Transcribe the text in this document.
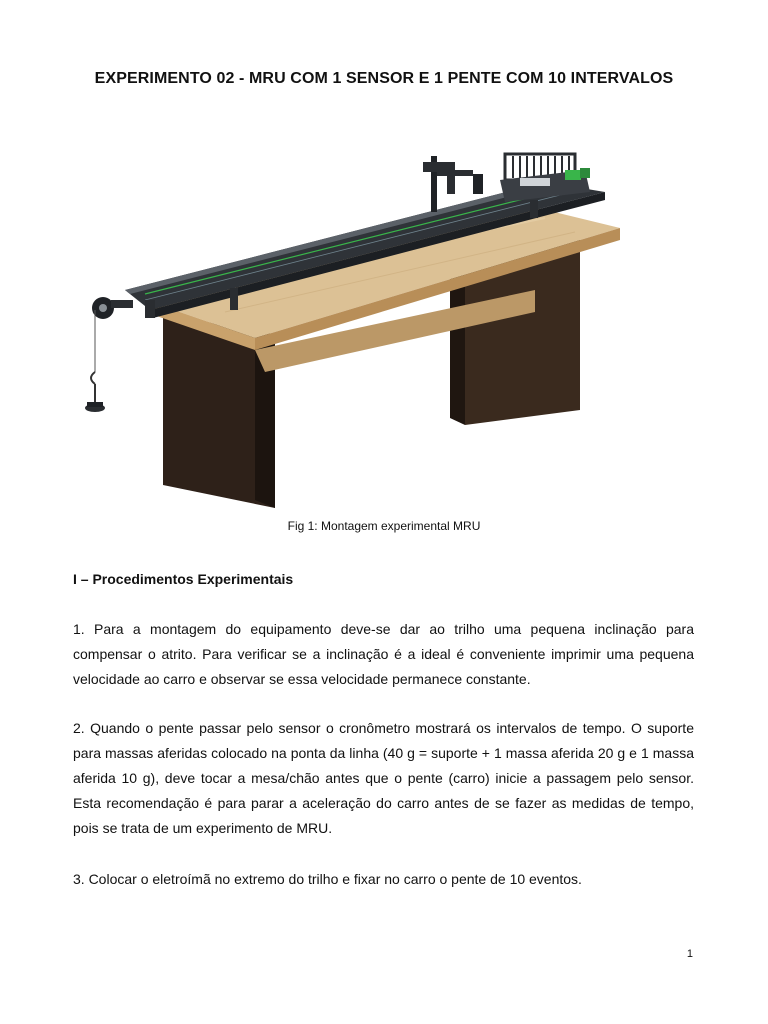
EXPERIMENTO 02 - MRU COM 1 SENSOR E 1 PENTE COM 10 INTERVALOS
Fig 1: Montagem experimental MRU
I – Procedimentos Experimentais

1. Para a montagem do equipamento deve-se dar ao trilho uma pequena inclinação para compensar o atrito. Para verificar se a inclinação é a ideal é conveniente imprimir uma pequena velocidade ao carro e observar se essa velocidade permanece constante.

2. Quando o pente passar pelo sensor o cronômetro mostrará os intervalos de tempo. O suporte para massas aferidas colocado na ponta da linha (40 g = suporte + 1 massa aferida 20 g e 1 massa aferida 10 g), deve tocar a mesa/chão antes que o pente (carro) inicie a passagem pelo sensor. Esta recomendação é para parar a aceleração do carro antes de se fazer as medidas de tempo, pois se trata de um experimento de MRU.

3. Colocar o eletroímã no extremo do trilho e fixar no carro o pente de 10 eventos.

1
